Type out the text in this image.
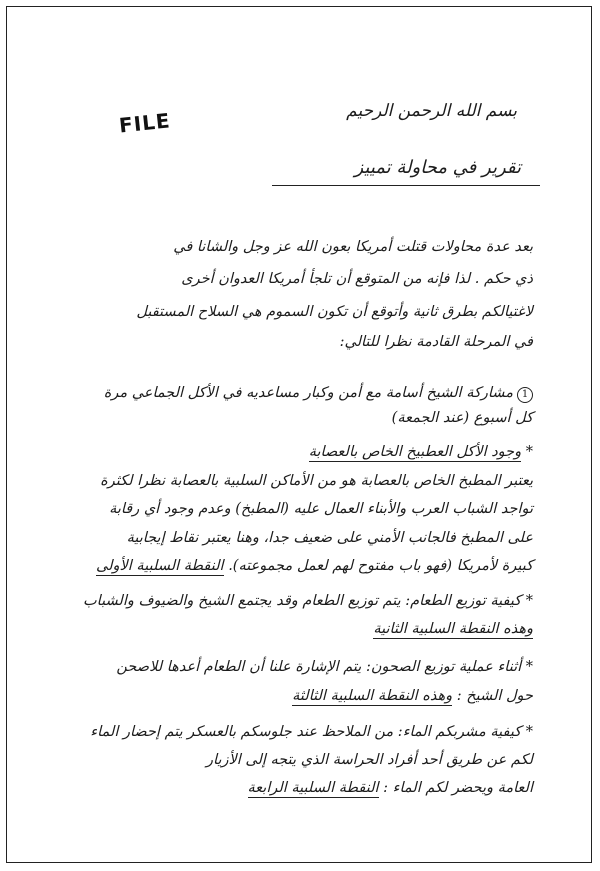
FILE	بسم الله الرحمن الرحيم
تقرير في محاولة تمييز
بعد عدة محاولات قتلت أمريكا بعون الله عز وجل والشانا في
ذي حكم . لذا فإنه من المتوقع أن تلجأ أمريكا العدوان أخرى
لاغتيالكم بطرق ثانية وأتوقع أن تكون السموم هي السلاح المستقبل
في المرحلة القادمة نظرا للتالي:
1مشاركة الشيخ أسامة مع أمن وكبار مساعديه في الأكل الجماعي مرة
كل أسبوع (عند الجمعة)
* وجود الأكل العطبيخ الخاص بالعصابة
يعتبر المطبخ الخاص بالعصابة هو من الأماكن السلبية بالعصابة نظرا لكثرة
تواجد الشباب العرب والأبناء العمال عليه (المطبخ) وعدم وجود أي رقابة
على المطبخ فالجانب الأمني على ضعيف جدا، وهنا يعتبر نقاط إيجابية
كبيرة لأمريكا (فهو باب مفتوح لهم لعمل مجموعته). النقطة السلبية الأولى
* كيفية توزيع الطعام: يتم توزيع الطعام وقد يجتمع الشيخ والضيوف والشباب
وهذه النقطة السلبية الثانية
* أثناء عملية توزيع الصحون: يتم الإشارة علنا أن الطعام أعدها للاصحن
حول الشيخ : وهذه النقطة السلبية الثالثة
* كيفية مشربكم الماء: من الملاحظ عند جلوسكم بالعسكر يتم إحضار الماء
لكم عن طريق أحد أفراد الحراسة الذي يتجه إلى الأزيار
العامة ويحضر لكم الماء : النقطة السلبية الرابعة
